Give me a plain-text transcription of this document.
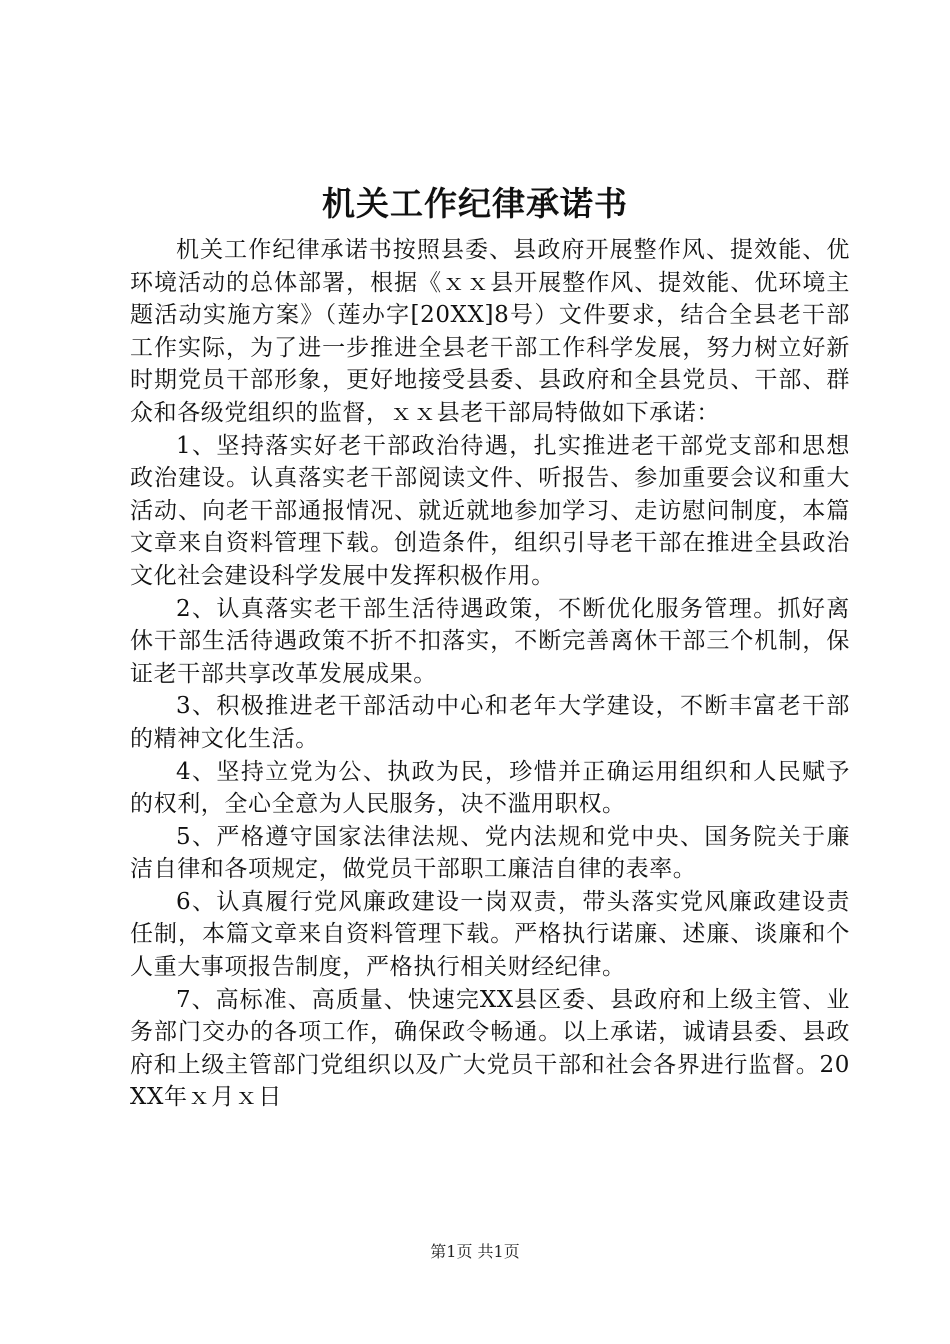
机关工作纪律承诺书

机关工作纪律承诺书按照县委、县政府开展整作风、提效能、优环境活动的总体部署，根据《ｘｘ县开展整作风、提效能、优环境主题活动实施方案》（莲办字[20XX]8号）文件要求，结合全县老干部工作实际，为了进一步推进全县老干部工作科学发展，努力树立好新时期党员干部形象，更好地接受县委、县政府和全县党员、干部、群众和各级党组织的监督，ｘｘ县老干部局特做如下承诺：

1、坚持落实好老干部政治待遇，扎实推进老干部党支部和思想政治建设。认真落实老干部阅读文件、听报告、参加重要会议和重大活动、向老干部通报情况、就近就地参加学习、走访慰问制度，本篇文章来自资料管理下载。创造条件，组织引导老干部在推进全县政治文化社会建设科学发展中发挥积极作用。

2、认真落实老干部生活待遇政策，不断优化服务管理。抓好离休干部生活待遇政策不折不扣落实，不断完善离休干部三个机制，保证老干部共享改革发展成果。

3、积极推进老干部活动中心和老年大学建设，不断丰富老干部的精神文化生活。

4、坚持立党为公、执政为民，珍惜并正确运用组织和人民赋予的权利，全心全意为人民服务，决不滥用职权。

5、严格遵守国家法律法规、党内法规和党中央、国务院关于廉洁自律和各项规定，做党员干部职工廉洁自律的表率。

6、认真履行党风廉政建设一岗双责，带头落实党风廉政建设责任制，本篇文章来自资料管理下载。严格执行诺廉、述廉、谈廉和个人重大事项报告制度，严格执行相关财经纪律。

7、高标准、高质量、快速完XX县区委、县政府和上级主管、业务部门交办的各项工作，确保政令畅通。以上承诺，诚请县委、县政府和上级主管部门党组织以及广大党员干部和社会各界进行监督。20XX年ｘ月ｘ日

第1页 共1页
